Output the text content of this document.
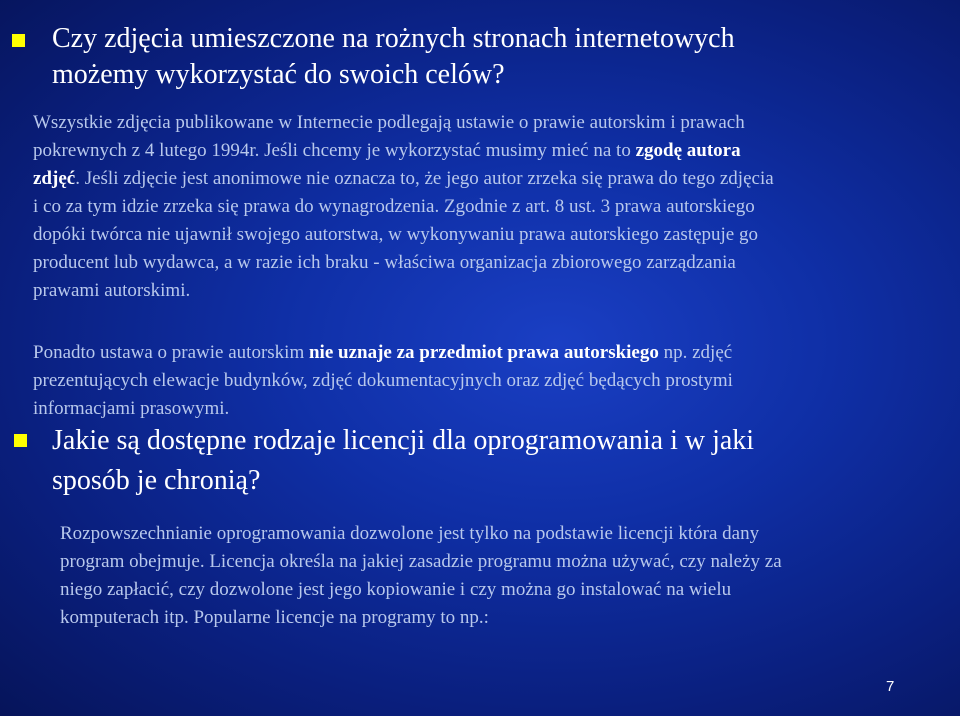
Czy zdjęcia umieszczone na rożnych stronach internetowych
możemy wykorzystać do swoich celów?
Wszystkie zdjęcia publikowane w Internecie podlegają ustawie o prawie autorskim i prawach
pokrewnych z 4 lutego 1994r. Jeśli chcemy je wykorzystać musimy mieć na to zgodę autora
zdjęć. Jeśli zdjęcie jest anonimowe nie oznacza to, że jego autor zrzeka się prawa do tego zdjęcia
i co za tym idzie zrzeka się prawa do wynagrodzenia. Zgodnie z art. 8 ust. 3 prawa autorskiego
dopóki twórca nie ujawnił swojego autorstwa, w wykonywaniu prawa autorskiego zastępuje go
producent lub wydawca, a w razie ich braku - właściwa organizacja zbiorowego zarządzania
prawami autorskimi.
Ponadto ustawa o prawie autorskim nie uznaje za przedmiot prawa autorskiego np. zdjęć
prezentujących elewacje budynków, zdjęć dokumentacyjnych oraz zdjęć będących prostymi
informacjami prasowymi.
Jakie są dostępne rodzaje licencji dla oprogramowania i w jaki
sposób je chronią?
Rozpowszechnianie oprogramowania dozwolone jest tylko na podstawie licencji która dany
program obejmuje. Licencja określa na jakiej zasadzie programu można używać, czy należy za
niego zapłacić, czy dozwolone jest jego kopiowanie i czy można go instalować na wielu
komputerach itp. Popularne licencje na programy to np.:
7
